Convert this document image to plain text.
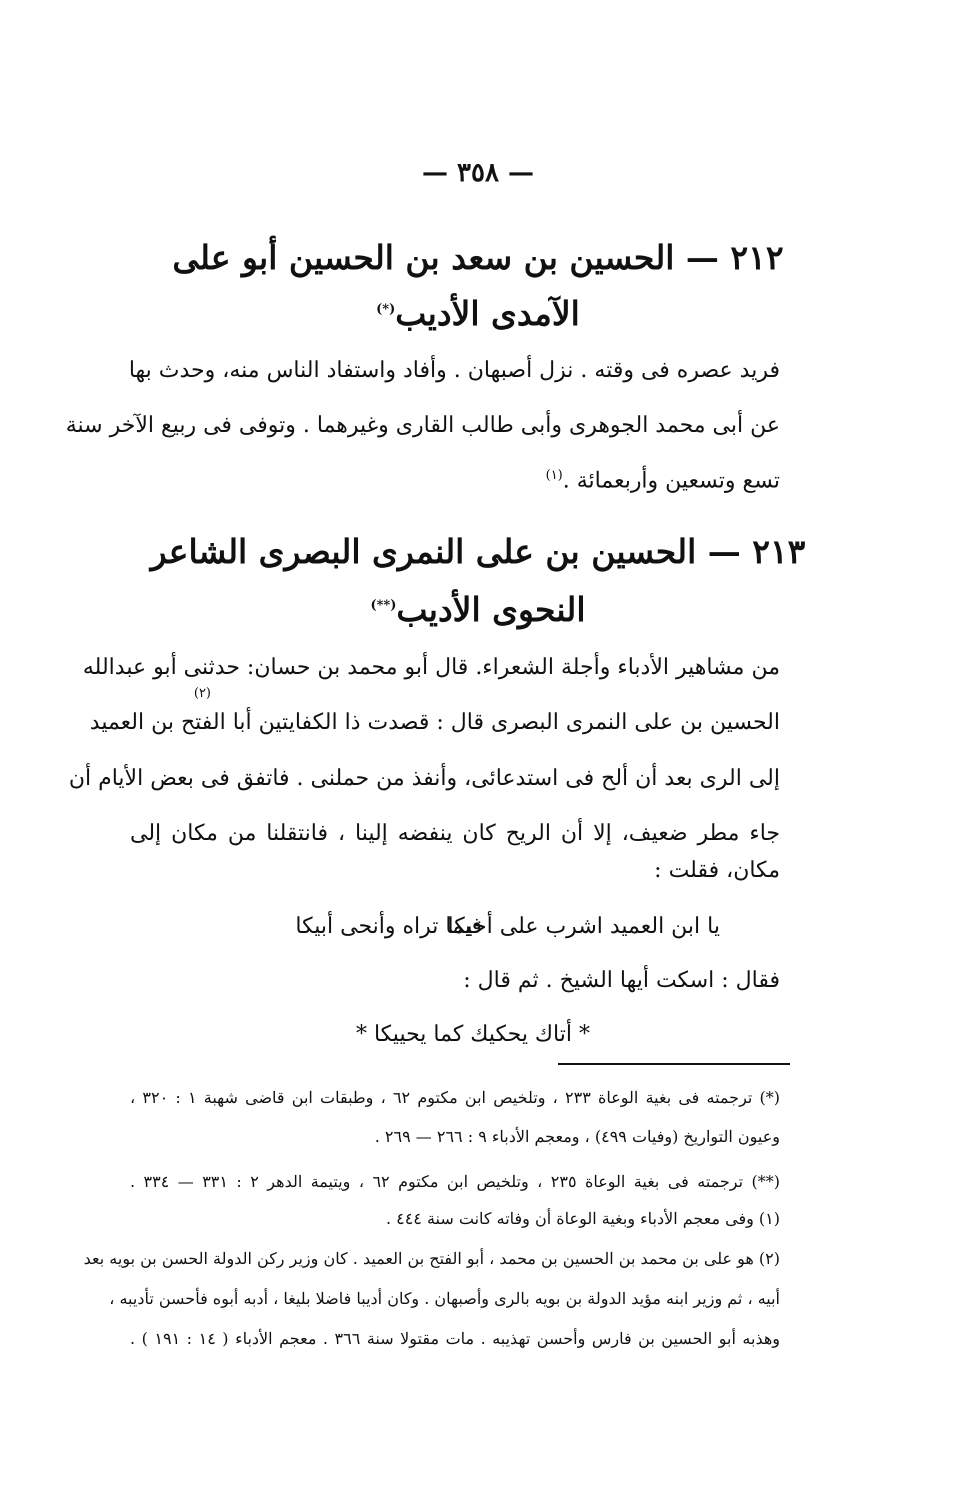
— ٣٥٨ —
٢١٢ — الحسين بن سعد بن الحسين أبو على
الآمدى الأديب(*)
فريد عصره فى وقته . نزل أصبهان . وأفاد واستفاد الناس منه، وحدث بها
عن أبى محمد الجوهرى وأبى طالب القارى وغيرهما . وتوفى فى ربيع الآخر سنة
تسع وتسعين وأربعمائة .$^{(١)}$
٢١٣ — الحسين بن على النمرى البصرى الشاعر
النحوى الأديب(**)
من مشاهير الأدباء وأجلة الشعراء. قال أبو محمد بن حسان: حدثنى أبو عبدالله
الحسين بن على النمرى البصرى قال : قصدت ذا الكفايتين أبا الفتح بن العميد
(٢)
إلى الرى بعد أن ألح فى استدعائى، وأنفذ من حملنى . فاتفق فى بعض الأيام أن
جاء مطر ضعيف، إلا أن الريح كان ينفضه إلينا ، فانتقلنا من مكان إلى
مكان، فقلت :
يا ابن العميد اشرب على أخيكا
فيما تراه وأنحى أبيكا
فقال : اسكت أيها الشيخ . ثم قال :
* أتاك يحكيك كما يحييكا *
(*) ترجمته فى بغية الوعاة ٢٣٣ ، وتلخيص ابن مكتوم ٦٢ ، وطبقات ابن قاضى شهبة ١ : ٣٢٠ ،
وعيون التواريخ (وفيات ٤٩٩) ، ومعجم الأدباء ٩ : ٢٦٦ — ٢٦٩ .
(**) ترجمته فى بغية الوعاة ٢٣٥ ، وتلخيص ابن مكتوم ٦٢ ، ويتيمة الدهر ٢ : ٣٣١ — ٣٣٤ .
(١) وفى معجم الأدباء وبغية الوعاة أن وفاته كانت سنة ٤٤٤ .
(٢) هو على بن محمد بن الحسين بن محمد ، أبو الفتح بن العميد . كان وزير ركن الدولة الحسن بن بويه بعد
أبيه ، ثم وزير ابنه مؤيد الدولة بن بويه بالرى وأصبهان . وكان أديبا فاضلا بليغا ، أدبه أبوه فأحسن تأديبه ،
وهذبه أبو الحسين بن فارس وأحسن تهذيبه . مات مقتولا سنة ٣٦٦ . معجم الأدباء ( ١٤ : ١٩١ ) .
